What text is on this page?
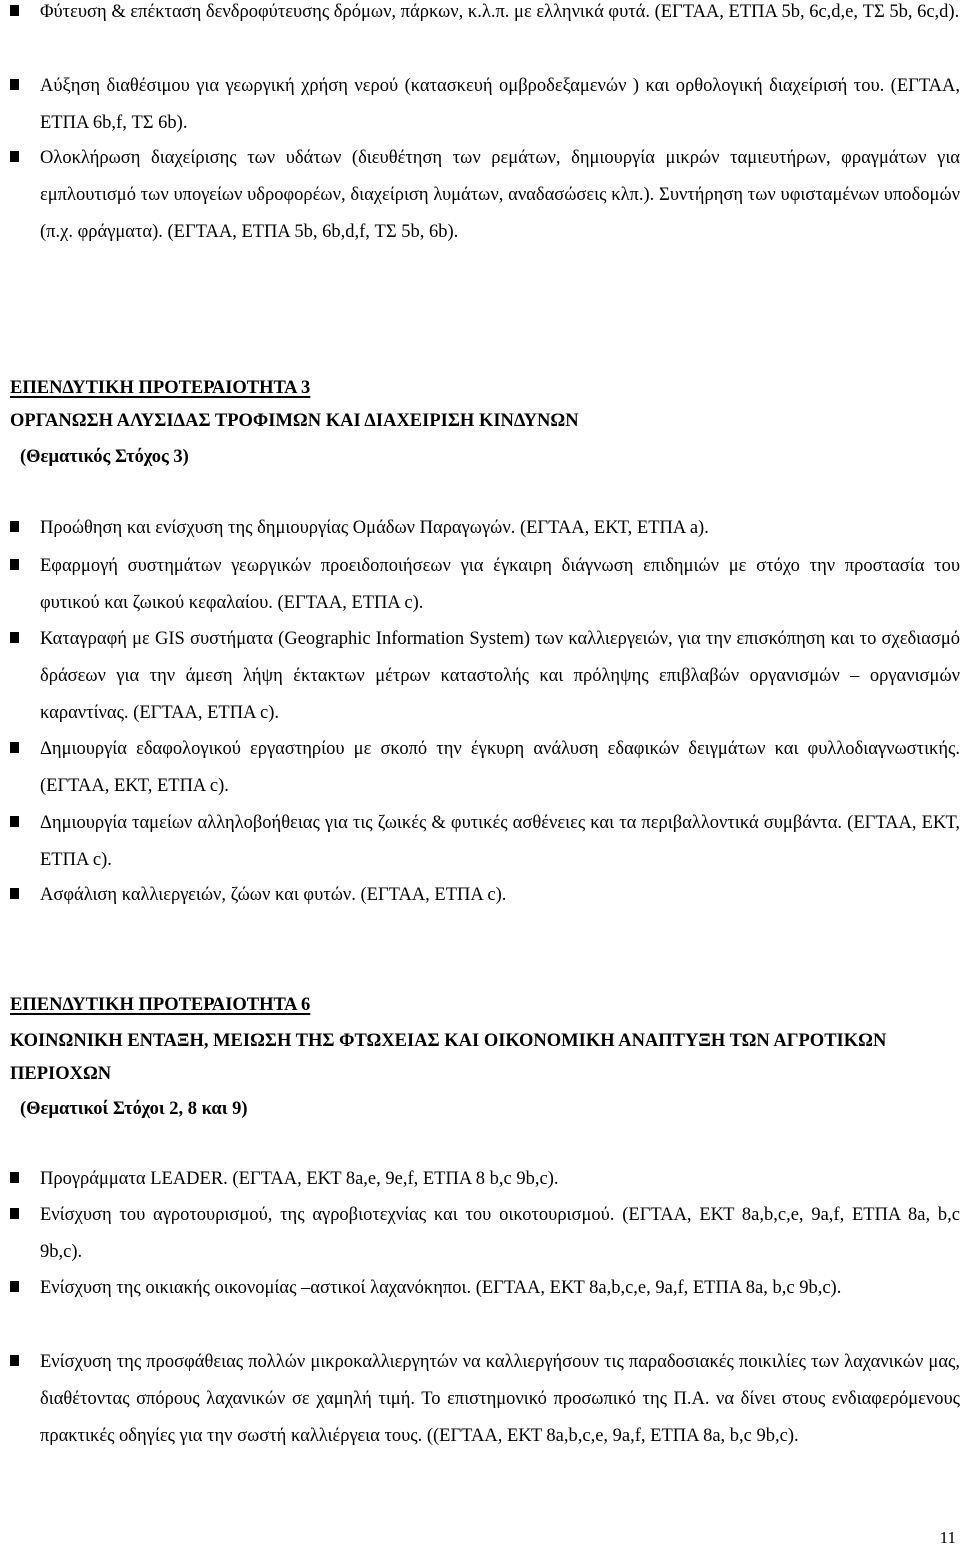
Φύτευση & επέκταση δενδροφύτευσης δρόμων, πάρκων, κ.λ.π. με ελληνικά φυτά. (ΕΓΤΑΑ, ΕΤΠΑ 5b, 6c,d,e, ΤΣ 5b, 6c,d).

Αύξηση διαθέσιμου για γεωργική χρήση νερού (κατασκευή ομβροδεξαμενών ) και ορθολογική διαχείρισή του. (ΕΓΤΑΑ, ΕΤΠΑ 6b,f, ΤΣ 6b).

Ολοκλήρωση διαχείρισης των υδάτων (διευθέτηση των ρεμάτων, δημιουργία μικρών ταμιευτήρων, φραγμάτων για εμπλουτισμό των υπογείων υδροφορέων, διαχείριση λυμάτων, αναδασώσεις κλπ.). Συντήρηση των υφισταμένων υποδομών (π.χ. φράγματα). (ΕΓΤΑΑ, ΕΤΠΑ 5b, 6b,d,f, ΤΣ 5b, 6b).

ΕΠΕΝΔΥΤΙΚΗ ΠΡΟΤΕΡΑΙΟΤΗΤΑ 3
ΟΡΓΑΝΩΣΗ ΑΛΥΣΙΔΑΣ ΤΡΟΦΙΜΩΝ ΚΑΙ ΔΙΑΧΕΙΡΙΣΗ ΚΙΝΔΥΝΩΝ
(Θεματικός Στόχος 3)

Προώθηση και ενίσχυση της δημιουργίας Ομάδων Παραγωγών. (ΕΓΤΑΑ, ΕΚΤ, ΕΤΠΑ a).

Εφαρμογή συστημάτων γεωργικών προειδοποιήσεων για έγκαιρη διάγνωση επιδημιών με στόχο την προστασία του φυτικού και ζωικού κεφαλαίου. (ΕΓΤΑΑ, ΕΤΠΑ c).

Καταγραφή με GIS συστήματα (Geographic Information System) των καλλιεργειών, για την επισκόπηση και το σχεδιασμό δράσεων για την άμεση λήψη έκτακτων μέτρων καταστολής και πρόληψης επιβλαβών οργανισμών – οργανισμών καραντίνας. (ΕΓΤΑΑ, ΕΤΠΑ c).

Δημιουργία εδαφολογικού εργαστηρίου με σκοπό την έγκυρη ανάλυση εδαφικών δειγμάτων και φυλλοδιαγνωστικής. (ΕΓΤΑΑ, ΕΚΤ, ΕΤΠΑ c).

Δημιουργία ταμείων αλληλοβοήθειας για τις ζωικές & φυτικές ασθένειες και τα περιβαλλοντικά συμβάντα. (ΕΓΤΑΑ, ΕΚΤ, ΕΤΠΑ c).

Ασφάλιση καλλιεργειών, ζώων και φυτών. (ΕΓΤΑΑ, ΕΤΠΑ c).

ΕΠΕΝΔΥΤΙΚΗ ΠΡΟΤΕΡΑΙΟΤΗΤΑ 6
ΚΟΙΝΩΝΙΚΗ ΕΝΤΑΞΗ, ΜΕΙΩΣΗ ΤΗΣ ΦΤΩΧΕΙΑΣ ΚΑΙ ΟΙΚΟΝΟΜΙΚΗ ΑΝΑΠΤΥΞΗ ΤΩΝ ΑΓΡΟΤΙΚΩΝ ΠΕΡΙΟΧΩΝ
(Θεματικοί Στόχοι 2, 8 και 9)

Προγράμματα LEADER. (ΕΓΤΑΑ, ΕΚΤ 8a,e, 9e,f, ΕΤΠΑ 8 b,c 9b,c).

Ενίσχυση του αγροτουρισμού, της αγροβιοτεχνίας και του οικοτουρισμού. (ΕΓΤΑΑ, ΕΚΤ 8a,b,c,e, 9a,f, ΕΤΠΑ 8a, b,c 9b,c).

Ενίσχυση της οικιακής οικονομίας –αστικοί λαχανόκηποι. (ΕΓΤΑΑ, ΕΚΤ 8a,b,c,e, 9a,f, ΕΤΠΑ 8a, b,c 9b,c).

Ενίσχυση της προσφάθειας πολλών μικροκαλλιεργητών να καλλιεργήσουν τις παραδοσιακές ποικιλίες των λαχανικών μας, διαθέτοντας σπόρους λαχανικών σε χαμηλή τιμή. Το επιστημονικό προσωπικό της Π.Α. να δίνει στους ενδιαφερόμενους πρακτικές οδηγίες για την σωστή καλλιέργεια τους. ((ΕΓΤΑΑ, ΕΚΤ 8a,b,c,e, 9a,f, ΕΤΠΑ 8a, b,c 9b,c).

11
